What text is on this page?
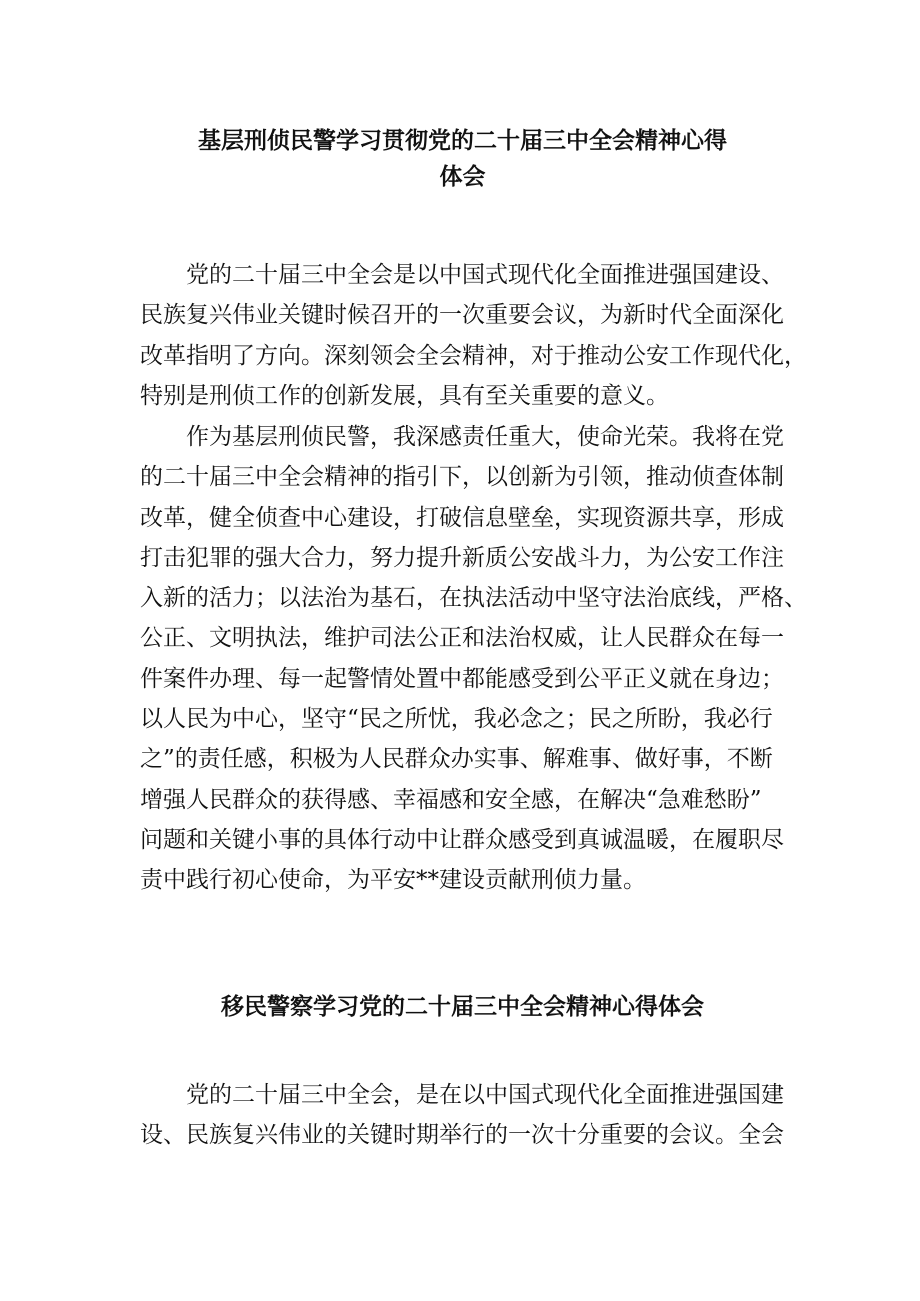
基层刑侦民警学习贯彻党的二十届三中全会精神心得
体会
党的二十届三中全会是以中国式现代化全面推进强国建设、
民族复兴伟业关键时候召开的一次重要会议，为新时代全面深化
改革指明了方向。深刻领会全会精神，对于推动公安工作现代化，
特别是刑侦工作的创新发展，具有至关重要的意义。
作为基层刑侦民警，我深感责任重大，使命光荣。我将在党
的二十届三中全会精神的指引下，以创新为引领，推动侦查体制
改革，健全侦查中心建设，打破信息壁垒，实现资源共享，形成
打击犯罪的强大合力，努力提升新质公安战斗力，为公安工作注
入新的活力；以法治为基石，在执法活动中坚守法治底线，严格、
公正、文明执法，维护司法公正和法治权威，让人民群众在每一
件案件办理、每一起警情处置中都能感受到公平正义就在身边；
以人民为中心，坚守“民之所忧，我必念之；民之所盼，我必行
之”的责任感，积极为人民群众办实事、解难事、做好事，不断
增强人民群众的获得感、幸福感和安全感，在解决“急难愁盼”
问题和关键小事的具体行动中让群众感受到真诚温暖，在履职尽
责中践行初心使命，为平安**建设贡献刑侦力量。
移民警察学习党的二十届三中全会精神心得体会
党的二十届三中全会，是在以中国式现代化全面推进强国建
设、民族复兴伟业的关键时期举行的一次十分重要的会议。全会
